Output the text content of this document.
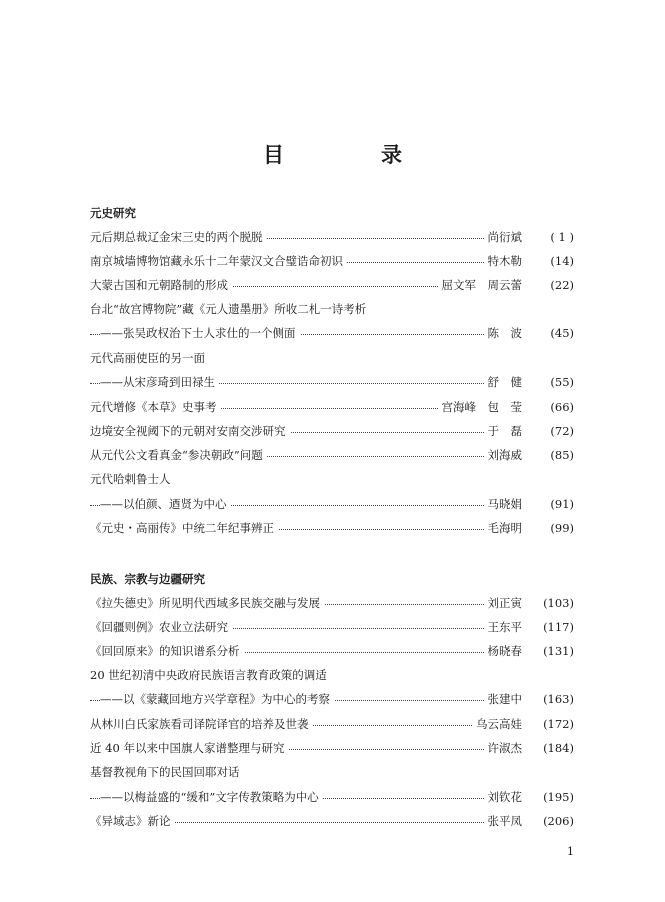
目　录
元史研究
元后期总裁辽金宋三史的两个脱脱	尚衍斌	( 1 )
南京城墙博物馆藏永乐十二年蒙汉文合璧诰命初识	特木勒	(14)
大蒙古国和元朝路制的形成	屈文军　周云蕾	(22)
台北“故宫博物院”藏《元人遗墨册》所收二札一诗考析
——张吴政权治下士人求仕的一个侧面	陈　波	(45)
元代高丽使臣的另一面
——从宋彦琦到田禄生	舒　健	(55)
元代增修《本草》史事考	宫海峰　包　莹	(66)
边境安全视阈下的元朝对安南交涉研究	于　磊	(72)
从元代公文看真金“参决朝政”问题	刘海威	(85)
元代哈剌鲁士人
——以伯颜、迺贤为中心	马晓娟	(91)
《元史・高丽传》中统二年纪事辨正	毛海明	(99)
民族、宗教与边疆研究
《拉失德史》所见明代西域多民族交融与发展	刘正寅	(103)
《回疆则例》农业立法研究	王东平	(117)
《回回原来》的知识谱系分析	杨晓春	(131)
20 世纪初清中央政府民族语言教育政策的调适
——以《蒙藏回地方兴学章程》为中心的考察	张建中	(163)
从林川白氏家族看司译院译官的培养及世袭	乌云高娃	(172)
近 40 年以来中国旗人家谱整理与研究	许淑杰	(184)
基督教视角下的民国回耶对话
——以梅益盛的“缓和”文字传教策略为中心	刘钦花	(195)
《异域志》新论	张平凤	(206)
1
